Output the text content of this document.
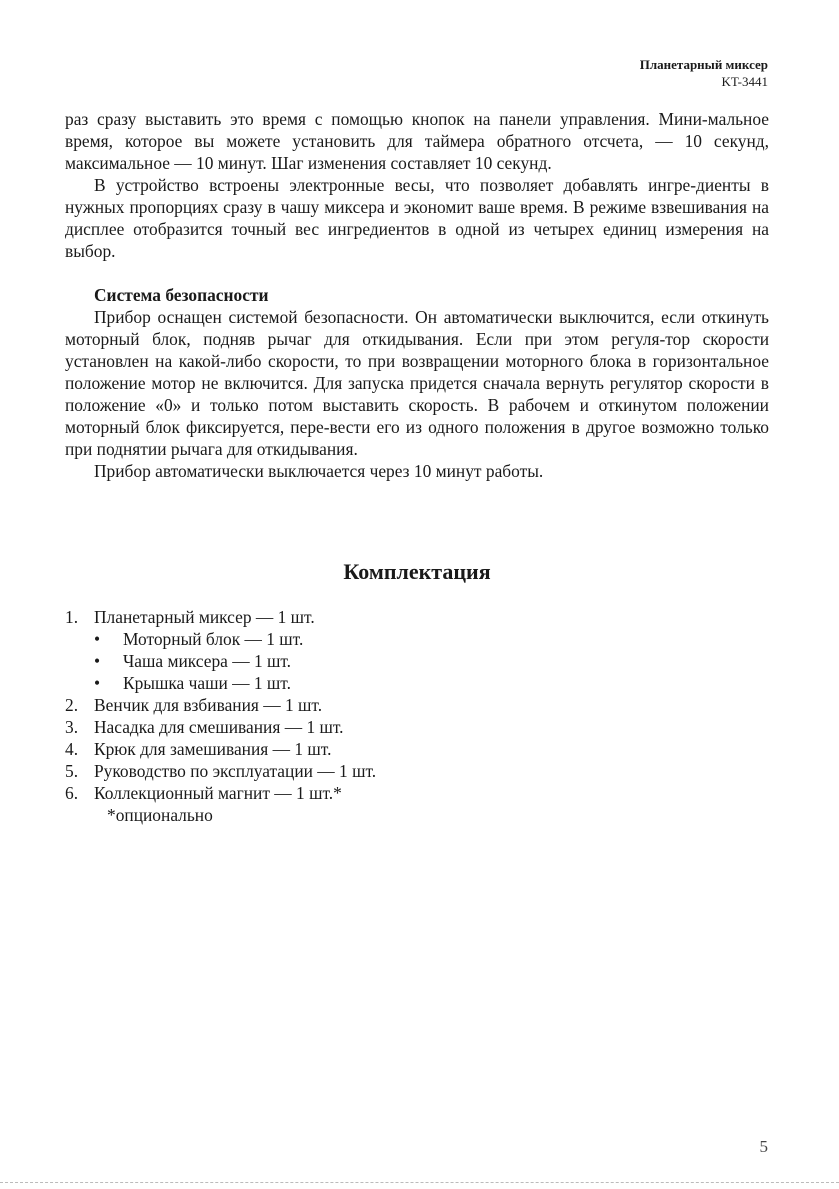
Планетарный миксер
KT-3441

раз сразу выставить это время с помощью кнопок на панели управления. Мини-мальное время, которое вы можете установить для таймера обратного отсчета, — 10 секунд, максимальное — 10 минут. Шаг изменения составляет 10 секунд.

В устройство встроены электронные весы, что позволяет добавлять ингре-диенты в нужных пропорциях сразу в чашу миксера и экономит ваше время. В режиме взвешивания на дисплее отобразится точный вес ингредиентов в одной из четырех единиц измерения на выбор.

Система безопасности

Прибор оснащен системой безопасности. Он автоматически выключится, если откинуть моторный блок, подняв рычаг для откидывания. Если при этом регуля-тор скорости установлен на какой-либо скорости, то при возвращении моторного блока в горизонтальное положение мотор не включится. Для запуска придется сначала вернуть регулятор скорости в положение «0» и только потом выставить скорость. В рабочем и откинутом положении моторный блок фиксируется, пере-вести его из одного положения в другое возможно только при поднятии рычага для откидывания.

Прибор автоматически выключается через 10 минут работы.

Комплектация
1. Планетарный миксер — 1 шт.
• Моторный блок — 1 шт.
• Чаша миксера — 1 шт.
• Крышка чаши — 1 шт.
2. Венчик для взбивания — 1 шт.
3. Насадка для смешивания — 1 шт.
4. Крюк для замешивания — 1 шт.
5. Руководство по эксплуатации — 1 шт.
6. Коллекционный магнит — 1 шт.*
*опционально
5
